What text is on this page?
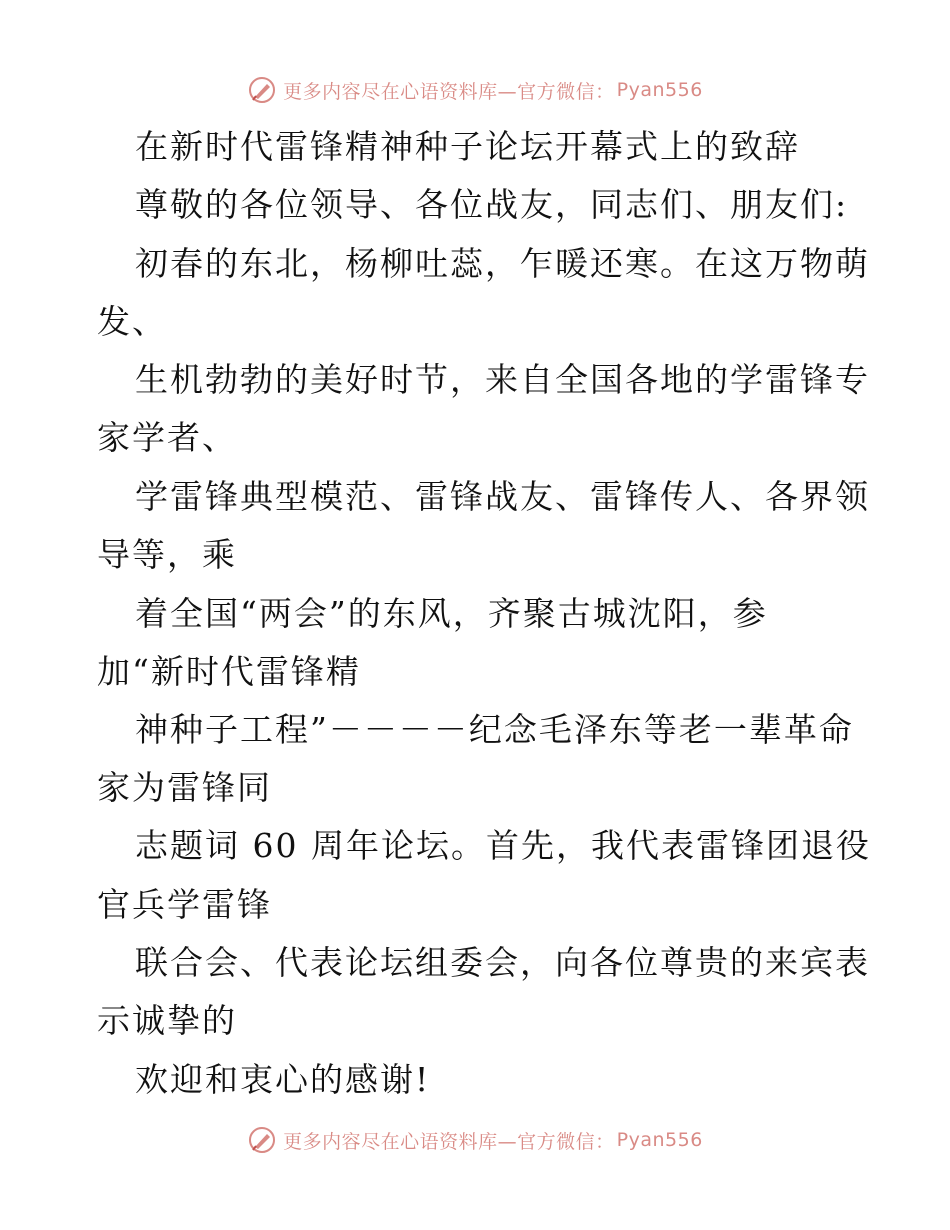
更多内容尽在心语资料库—官方微信： Pyan556
在新时代雷锋精神种子论坛开幕式上的致辞
尊敬的各位领导、各位战友，同志们、朋友们:
初春的东北，杨柳吐蕊，乍暖还寒。在这万物萌
发、
生机勃勃的美好时节，来自全国各地的学雷锋专
家学者、
学雷锋典型模范、雷锋战友、雷锋传人、各界领
导等，乘
着全国“两会”的东风，齐聚古城沈阳，参
加“新时代雷锋精
神种子工程”－－－－纪念毛泽东等老一辈革命
家为雷锋同
志题词 60 周年论坛。首先，我代表雷锋团退役
官兵学雷锋
联合会、代表论坛组委会，向各位尊贵的来宾表
示诚挚的
欢迎和衷心的感谢!
更多内容尽在心语资料库—官方微信： Pyan556
